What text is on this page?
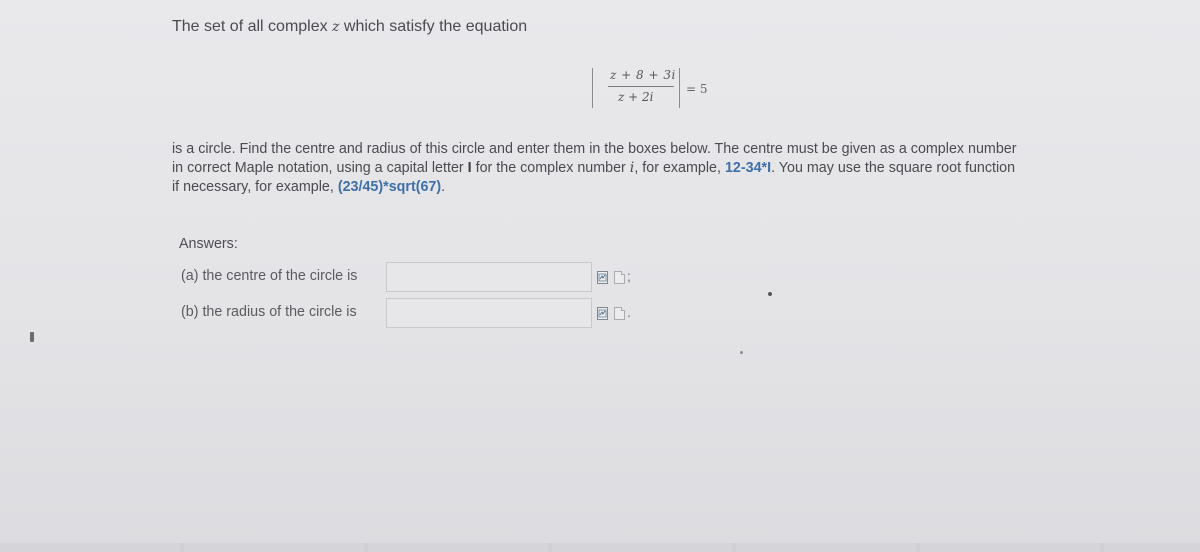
The set of all complex z which satisfy the equation
z + 8 + 3i
z + 2i
= 5

is a circle. Find the centre and radius of this circle and enter them in the boxes below. The centre must be given as a complex number

in correct Maple notation, using a capital letter I for the complex number i, for example, 12-34*I. You may use the square root function

if necessary, for example, (23/45)*sqrt(67).

Answers:
(a) the centre of the circle is	;
(b) the radius of the circle is	.
